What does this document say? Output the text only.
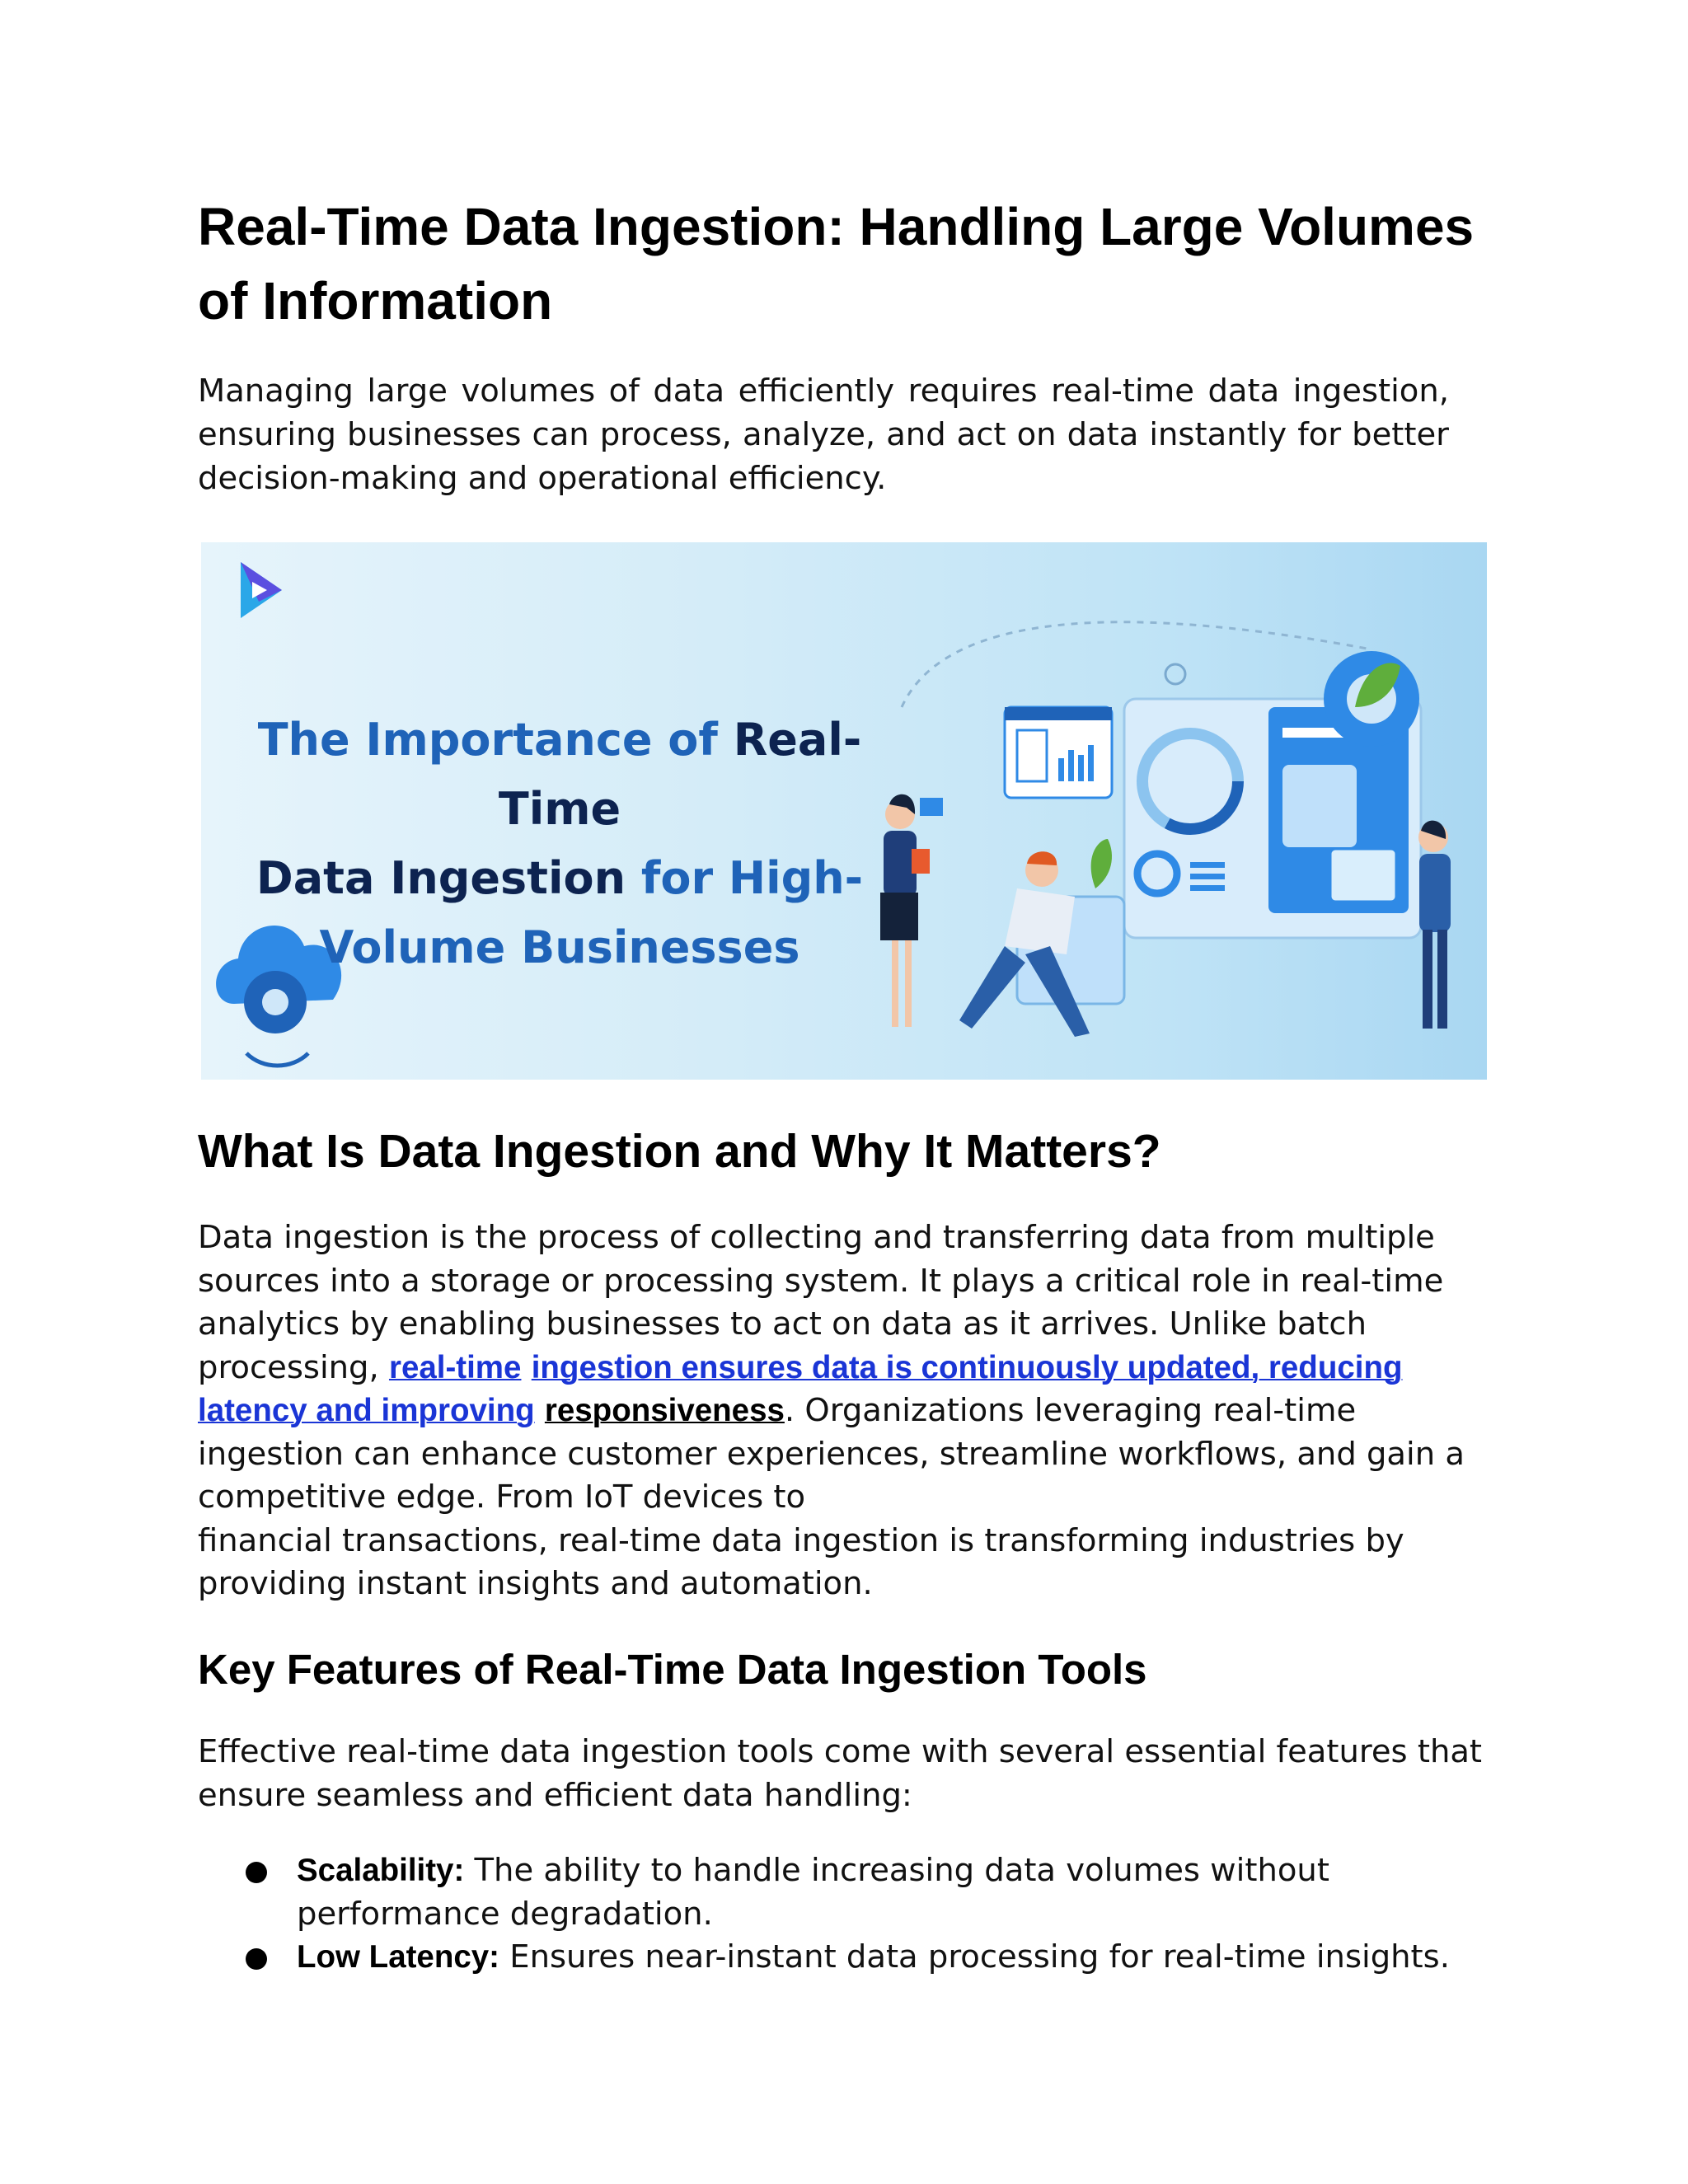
Real-Time Data Ingestion: Handling Large Volumes of Information

Managing large volumes of data efficiently requires real-time data ingestion, ensuring businesses can process, analyze, and act on data instantly for better decision-making and operational efficiency.

The Importance of Real-Time
Data Ingestion for High-
Volume Businesses

What Is Data Ingestion and Why It Matters?

Data ingestion is the process of collecting and transferring data from multiple sources into a storage or processing system. It plays a critical role in real-time analytics by enabling businesses to act on data as it arrives. Unlike batch processing, real-time ingestion ensures data is continuously updated, reducing latency and improving responsiveness. Organizations leveraging real-time ingestion can enhance customer experiences, streamline workflows, and gain a competitive edge. From IoT devices to
financial transactions, real-time data ingestion is transforming industries by providing instant insights and automation.

Key Features of Real-Time Data Ingestion Tools

Effective real-time data ingestion tools come with several essential features that ensure seamless and efficient data handling:

Scalability: The ability to handle increasing data volumes without performance degradation.
Low Latency: Ensures near-instant data processing for real-time insights.
